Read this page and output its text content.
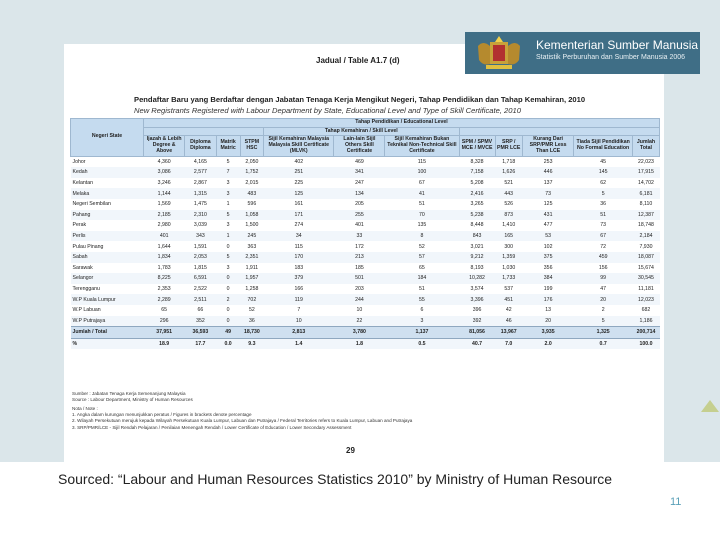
Kementerian Sumber Manusia
Statistik Perburuhan dan Sumber Manusia 2006
Jadual / Table A1.7 (d)
Pendaftar Baru yang Berdaftar dengan Jabatan Tenaga Kerja Mengikut Negeri, Tahap Pendidikan dan Tahap Kemahiran, 2010
New Registrants Registered with Labour Department by State, Educational Level and Type of Skill Certificate, 2010
Negeri State	Tahap Pendidikan / Educational Level											
					Tahap Kemahiran / Skill Level							
	Ijazah & Lebih Degree & Above	Diploma Diploma	Matrik Matric	STPM HSC	Sijil Kemahiran Malaysia Malaysia Skill Certificate (MLVK)	Lain-lain Sijil Others Skill Certificate	Sijil Kemahiran Bukan Teknikal Non-Technical Skill Certificate	SPM / SPMV MCE / MVCE	SRP / PMR LCE	Kurang Dari SRP/PMR Less Than LCE	Tiada Sijil Pendidikan No Formal Education	Jumlah Total
Johor	4,360	4,165	5	2,050	402	469	115	8,328	1,718	253	45	22,023
Kedah	3,086	2,577	7	1,752	251	341	100	7,158	1,626	446	145	17,915
Kelantan	3,246	2,867	3	2,015	225	247	67	5,208	521	137	62	14,702
Melaka	1,144	1,315	3	483	125	134	41	2,416	443	73	5	6,181
Negeri Sembilan	1,569	1,475	1	596	161	205	51	3,265	526	125	36	8,110
Pahang	2,185	2,310	5	1,058	171	255	70	5,238	873	431	51	12,387
Perak	2,980	3,039	3	1,500	274	401	135	8,448	1,410	477	73	18,748
Perlis	401	343	1	245	34	33	8	843	165	53	67	2,184
Pulau Pinang	1,644	1,591	0	363	115	172	52	3,021	300	102	72	7,930
Sabah	1,834	2,053	5	2,351	170	213	57	9,212	1,359	375	459	18,087
Sarawak	1,783	1,815	3	1,911	183	185	65	8,193	1,030	356	156	15,674
Selangor	8,225	6,591	0	1,957	379	501	184	10,282	1,733	384	99	30,545
Terengganu	2,353	2,522	0	1,258	166	203	51	3,574	537	199	47	11,181
W.P Kuala Lumpur	2,289	2,511	2	702	119	244	55	3,396	451	176	20	12,023
W.P Labuan	65	66	0	52	7	10	6	396	42	13	2	682
W.P Putrajaya	296	352	0	36	10	22	3	392	46	20	5	1,186
Jumlah / Total	37,951	36,593	49	18,730	2,813	3,780	1,137	81,056	13,967	3,935	1,325	200,714
%	18.9	17.7	0.0	9.3	1.4	1.8	0.5	40.7	7.0	2.0	0.7	100.0
Sumber : Jabatan Tenaga Kerja Semenanjung Malaysia
Source : Labour Department, Ministry of Human Resources
Nota / Note :
1. Angka dalam kurungan menunjukkan peratus / Figures in brackets denote percentage
2. Wilayah Persekutuan merujuk kepada Wilayah Persekutuan Kuala Lumpur, Labuan dan Putrajaya / Federal Territories refers to Kuala Lumpur, Labuan and Putrajaya
3. SRP/PMR/LCE - Sijil Rendah Pelajaran / Penilaian Menengah Rendah / Lower Certificate of Education / Lower Secondary Assessment
29
Sourced: “Labour and Human Resources Statistics 2010” by Ministry of Human Resource
11
